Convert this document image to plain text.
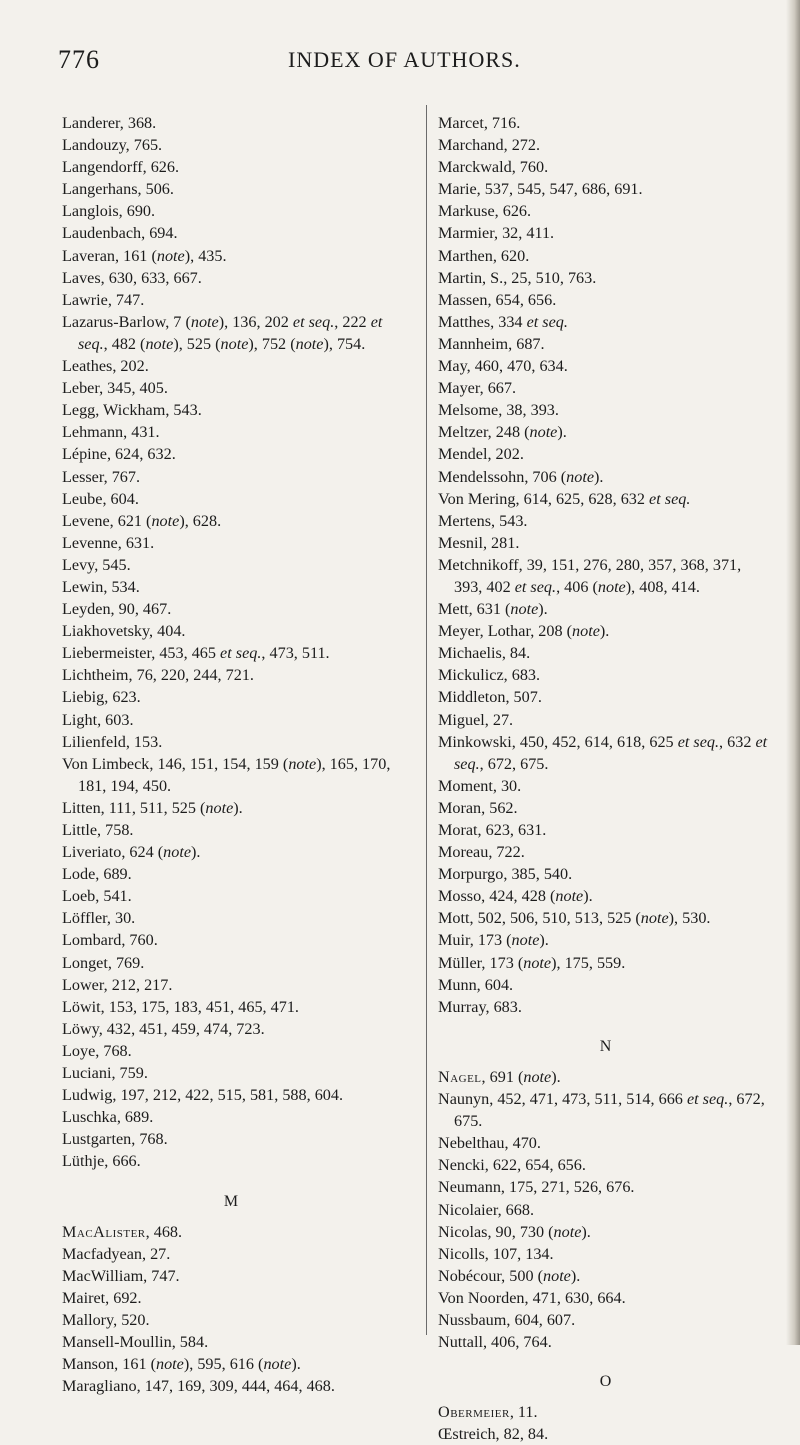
776	INDEX OF AUTHORS.
Landerer, 368.
Landouzy, 765.
Langendorff, 626.
Langerhans, 506.
Langlois, 690.
Laudenbach, 694.
Laveran, 161 (note), 435.
Laves, 630, 633, 667.
Lawrie, 747.
Lazarus-Barlow, 7 (note), 136, 202 et seq., 222 et seq., 482 (note), 525 (note), 752 (note), 754.
Leathes, 202.
Leber, 345, 405.
Legg, Wickham, 543.
Lehmann, 431.
Lépine, 624, 632.
Lesser, 767.
Leube, 604.
Levene, 621 (note), 628.
Levenne, 631.
Levy, 545.
Lewin, 534.
Leyden, 90, 467.
Liakhovetsky, 404.
Liebermeister, 453, 465 et seq., 473, 511.
Lichtheim, 76, 220, 244, 721.
Liebig, 623.
Light, 603.
Lilienfeld, 153.
Von Limbeck, 146, 151, 154, 159 (note), 165, 170, 181, 194, 450.
Litten, 111, 511, 525 (note).
Little, 758.
Liveriato, 624 (note).
Lode, 689.
Loeb, 541.
Löffler, 30.
Lombard, 760.
Longet, 769.
Lower, 212, 217.
Löwit, 153, 175, 183, 451, 465, 471.
Löwy, 432, 451, 459, 474, 723.
Loye, 768.
Luciani, 759.
Ludwig, 197, 212, 422, 515, 581, 588, 604.
Luschka, 689.
Lustgarten, 768.
Lüthje, 666.
M
MacAlister, 468.
Macfadyean, 27.
MacWilliam, 747.
Mairet, 692.
Mallory, 520.
Mansell-Moullin, 584.
Manson, 161 (note), 595, 616 (note).
Maragliano, 147, 169, 309, 444, 464, 468.
Marcet, 716.
Marchand, 272.
Marckwald, 760.
Marie, 537, 545, 547, 686, 691.
Markuse, 626.
Marmier, 32, 411.
Marthen, 620.
Martin, S., 25, 510, 763.
Massen, 654, 656.
Matthes, 334 et seq.
Mannheim, 687.
May, 460, 470, 634.
Mayer, 667.
Melsome, 38, 393.
Meltzer, 248 (note).
Mendel, 202.
Mendelssohn, 706 (note).
Von Mering, 614, 625, 628, 632 et seq.
Mertens, 543.
Mesnil, 281.
Metchnikoff, 39, 151, 276, 280, 357, 368, 371, 393, 402 et seq., 406 (note), 408, 414.
Mett, 631 (note).
Meyer, Lothar, 208 (note).
Michaelis, 84.
Mickulicz, 683.
Middleton, 507.
Miguel, 27.
Minkowski, 450, 452, 614, 618, 625 et seq., 632 et seq., 672, 675.
Moment, 30.
Moran, 562.
Morat, 623, 631.
Moreau, 722.
Morpurgo, 385, 540.
Mosso, 424, 428 (note).
Mott, 502, 506, 510, 513, 525 (note), 530.
Muir, 173 (note).
Müller, 173 (note), 175, 559.
Munn, 604.
Murray, 683.
N
Nagel, 691 (note).
Naunyn, 452, 471, 473, 511, 514, 666 et seq., 672, 675.
Nebelthau, 470.
Nencki, 622, 654, 656.
Neumann, 175, 271, 526, 676.
Nicolaier, 668.
Nicolas, 90, 730 (note).
Nicolls, 107, 134.
Nobécour, 500 (note).
Von Noorden, 471, 630, 664.
Nussbaum, 604, 607.
Nuttall, 406, 764.
O
Obermeier, 11.
Œstreich, 82, 84.
